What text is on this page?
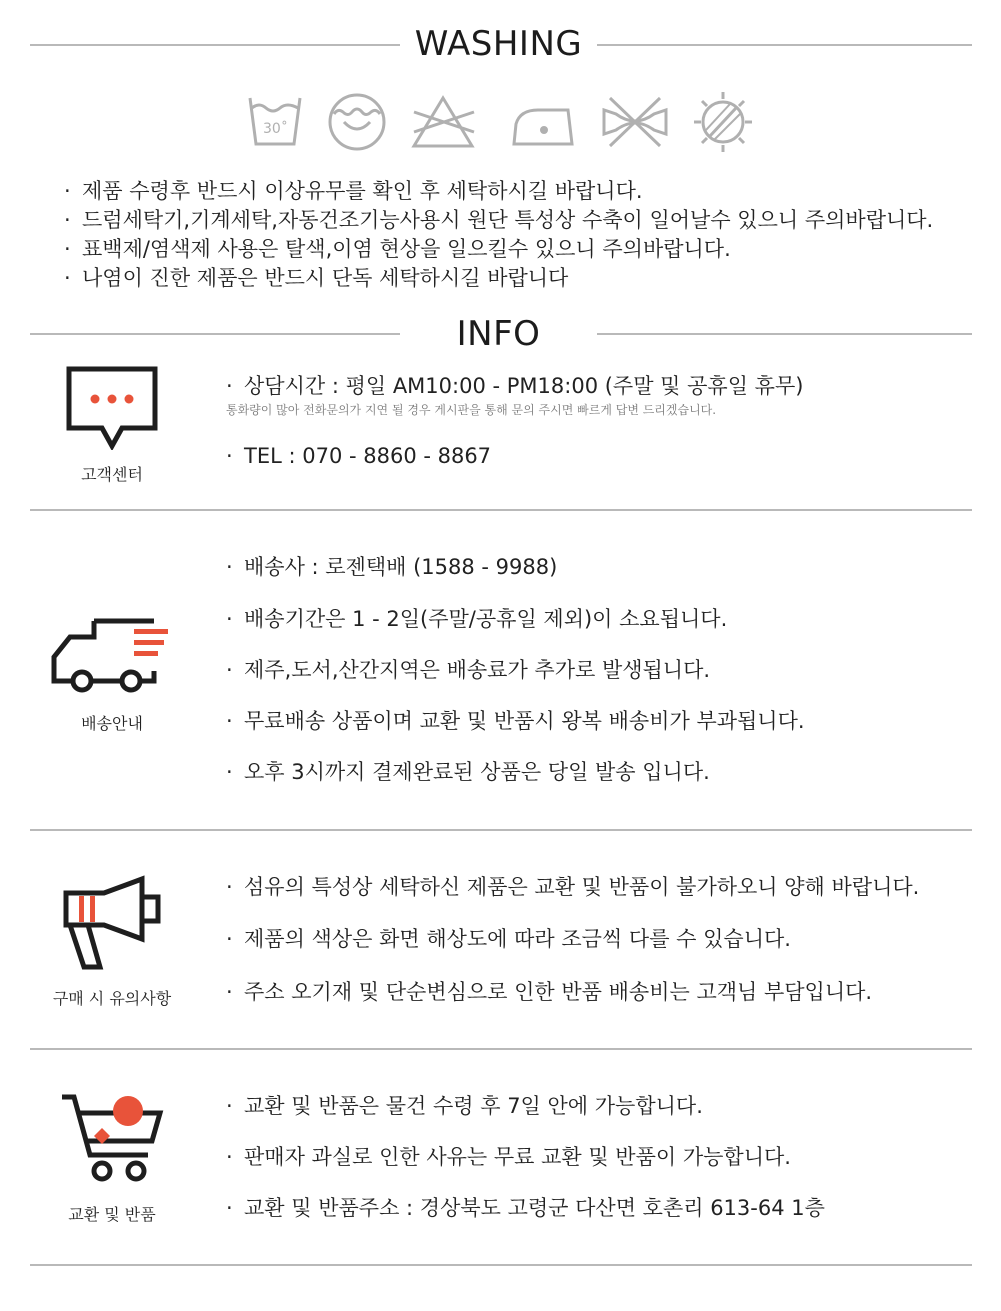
WASHING
30˚
· 제품 수령후 반드시 이상유무를 확인 후 세탁하시길 바랍니다.
· 드럼세탁기,기계세탁,자동건조기능사용시 원단 특성상 수축이 일어날수 있으니 주의바랍니다.
· 표백제/염색제 사용은 탈색,이염 현상을 일으킬수 있으니 주의바랍니다.
· 나염이 진한 제품은 반드시 단독 세탁하시길 바랍니다
INFO
고객센터
· 상담시간 : 평일 AM10:00 - PM18:00 (주말 및 공휴일 휴무)
통화량이 많아 전화문의가 지연 될 경우 게시판을 통해 문의 주시면 빠르게 답변 드리겠습니다.
· TEL : 070 - 8860 - 8867
배송안내
· 배송사 : 로젠택배 (1588 - 9988)
· 배송기간은 1 - 2일(주말/공휴일 제외)이 소요됩니다.
· 제주,도서,산간지역은 배송료가 추가로 발생됩니다.
· 무료배송 상품이며 교환 및 반품시 왕복 배송비가 부과됩니다.
· 오후 3시까지 결제완료된 상품은 당일 발송 입니다.
구매 시 유의사항
· 섬유의 특성상 세탁하신 제품은 교환 및 반품이 불가하오니 양해 바랍니다.
· 제품의 색상은 화면 해상도에 따라 조금씩 다를 수 있습니다.
· 주소 오기재 및 단순변심으로 인한 반품 배송비는 고객님 부담입니다.
교환 및 반품
· 교환 및 반품은 물건 수령 후 7일 안에 가능합니다.
· 판매자 과실로 인한 사유는 무료 교환 및 반품이 가능합니다.
· 교환 및 반품주소 : 경상북도 고령군 다산면 호촌리 613-64 1층
